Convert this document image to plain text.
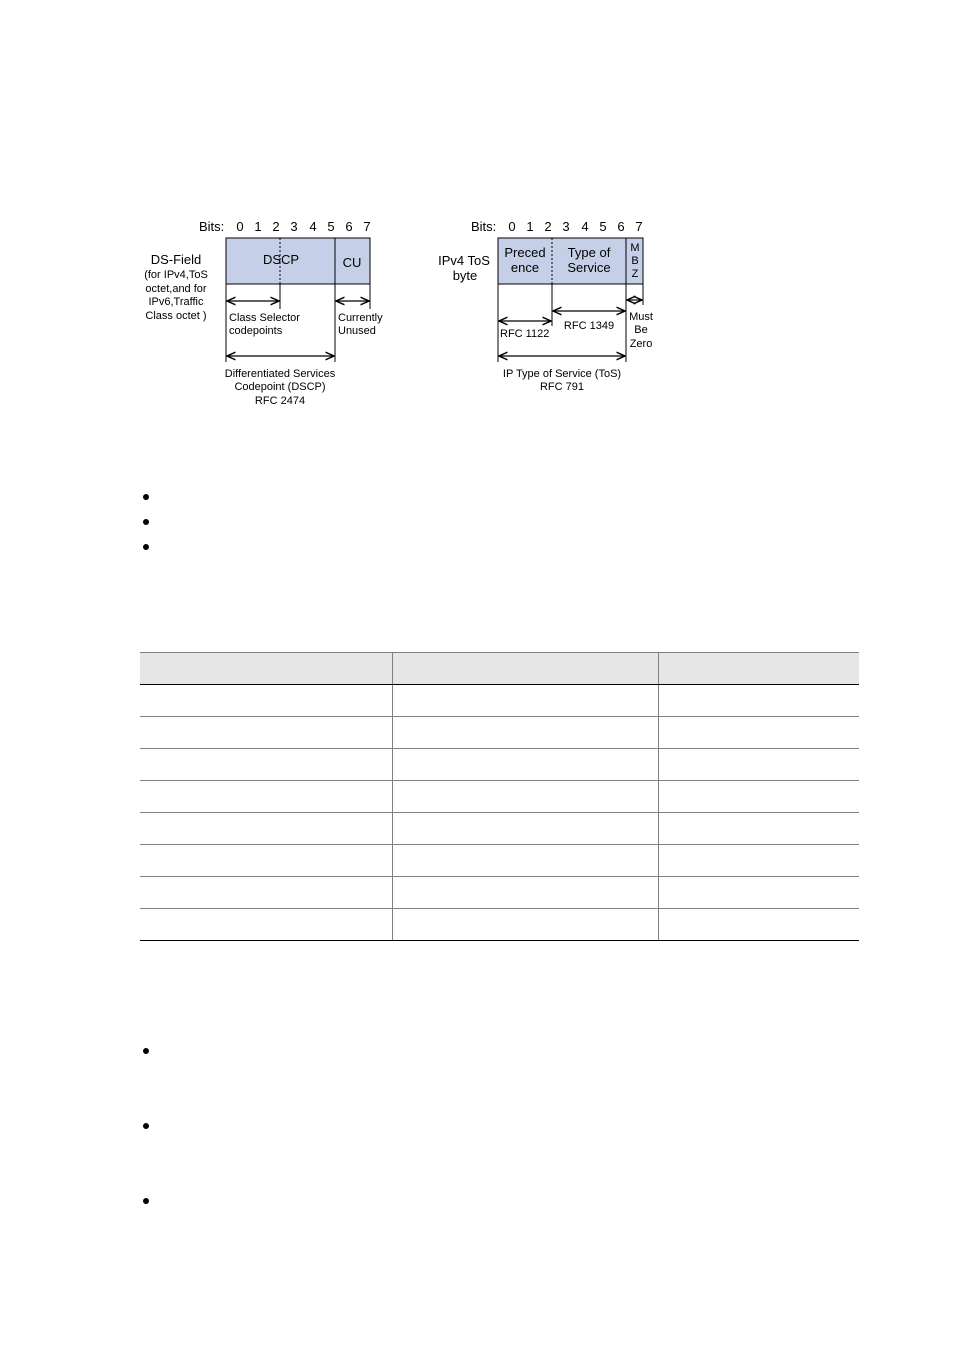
Bits: 0 1 2 3 4 5 6 7
DS-Field
(for IPv4,ToS
octet,and for
IPv6,Traffic
Class octet )
DSCP	CU
Class Selector
codepoints
Currently
Unused
Differentiated Services
Codepoint (DSCP)
RFC 2474
Bits: 0 1 2 3 4 5 6 7
IPv4 ToS
byte
Preced
ence
Type of
Service
M
B
Z
RFC 1349
RFC 1122
Must
Be
Zero
IP Type of Service (ToS)
RFC 791
